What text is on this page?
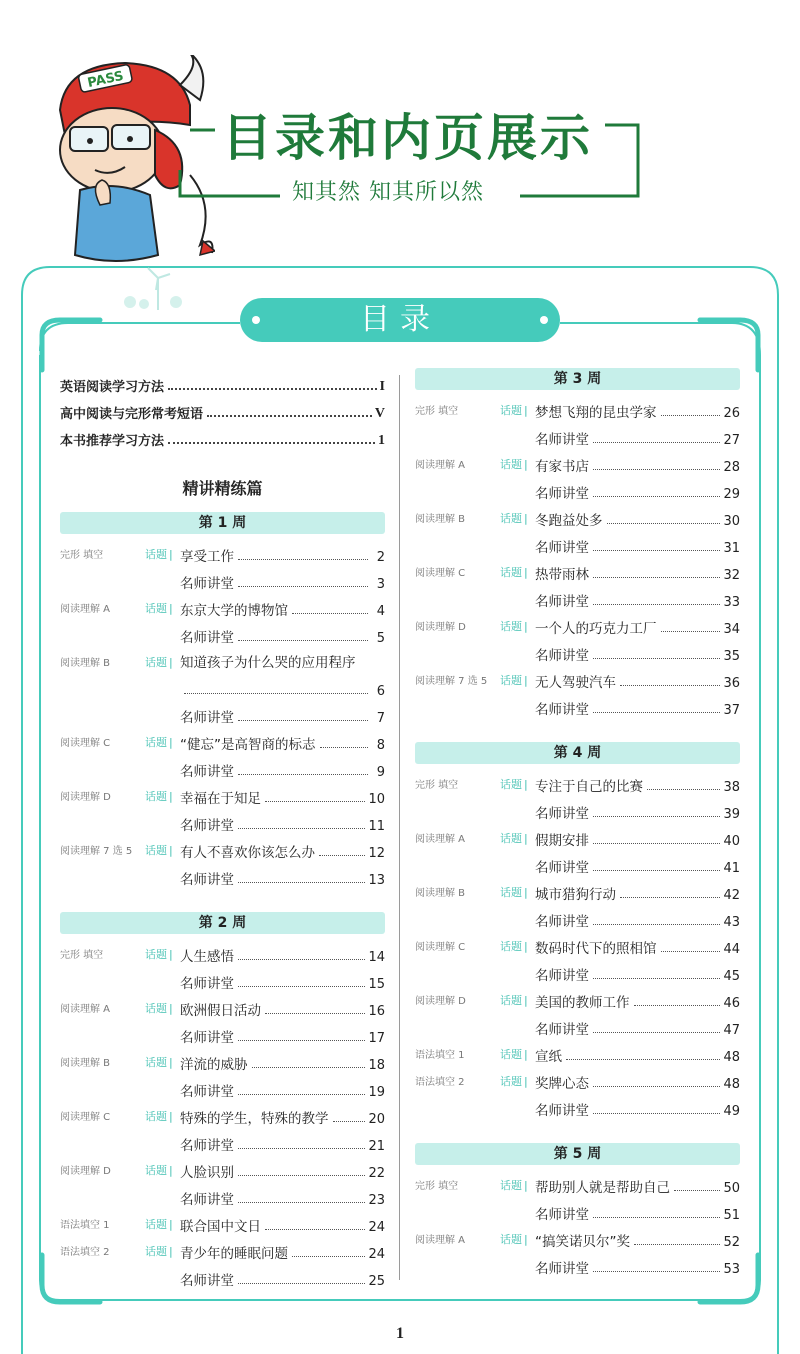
PASS
目录和内页展示
知其然 知其所以然
目录
英语阅读学习方法	I
高中阅读与完形常考短语	V
本书推荐学习方法	1
精讲精练篇
第 1 周
完形 填空	话题 | 享受工作	2
名师讲堂	3
阅读理解 A	话题 | 东京大学的博物馆	4
名师讲堂	5
阅读理解 B	话题 | 知道孩子为什么哭的应用程序
6
名师讲堂	7
阅读理解 C	话题 | “健忘”是高智商的标志	8
名师讲堂	9
阅读理解 D	话题 | 幸福在于知足	10
名师讲堂	11
阅读理解 7 选 5 话题 | 有人不喜欢你该怎么办	12
名师讲堂	13
第 2 周
完形 填空	话题 | 人生感悟	14
名师讲堂	15
阅读理解 A	话题 | 欧洲假日活动	16
名师讲堂	17
阅读理解 B	话题 | 洋流的威胁	18
名师讲堂	19
阅读理解 C	话题 | 特殊的学生，特殊的教学	20
名师讲堂	21
阅读理解 D	话题 | 人脸识别	22
名师讲堂	23
语法填空 1	话题 | 联合国中文日	24
语法填空 2	话题 | 青少年的睡眠问题	24
名师讲堂	25
第 3 周
完形 填空	话题 | 梦想飞翔的昆虫学家	26
名师讲堂	27
阅读理解 A	话题 | 有家书店	28
名师讲堂	29
阅读理解 B	话题 | 冬跑益处多	30
名师讲堂	31
阅读理解 C	话题 | 热带雨林	32
名师讲堂	33
阅读理解 D	话题 | 一个人的巧克力工厂	34
名师讲堂	35
阅读理解 7 选 5 话题 | 无人驾驶汽车	36
名师讲堂	37
第 4 周
完形 填空	话题 | 专注于自己的比赛	38
名师讲堂	39
阅读理解 A	话题 | 假期安排	40
名师讲堂	41
阅读理解 B	话题 | 城市猎狗行动	42
名师讲堂	43
阅读理解 C	话题 | 数码时代下的照相馆	44
名师讲堂	45
阅读理解 D	话题 | 美国的教师工作	46
名师讲堂	47
语法填空 1	话题 | 宣纸	48
语法填空 2	话题 | 奖牌心态	48
名师讲堂	49
第 5 周
完形 填空	话题 | 帮助别人就是帮助自己	50
名师讲堂	51
阅读理解 A	话题 | “搞笑诺贝尔”奖	52
名师讲堂	53
1
